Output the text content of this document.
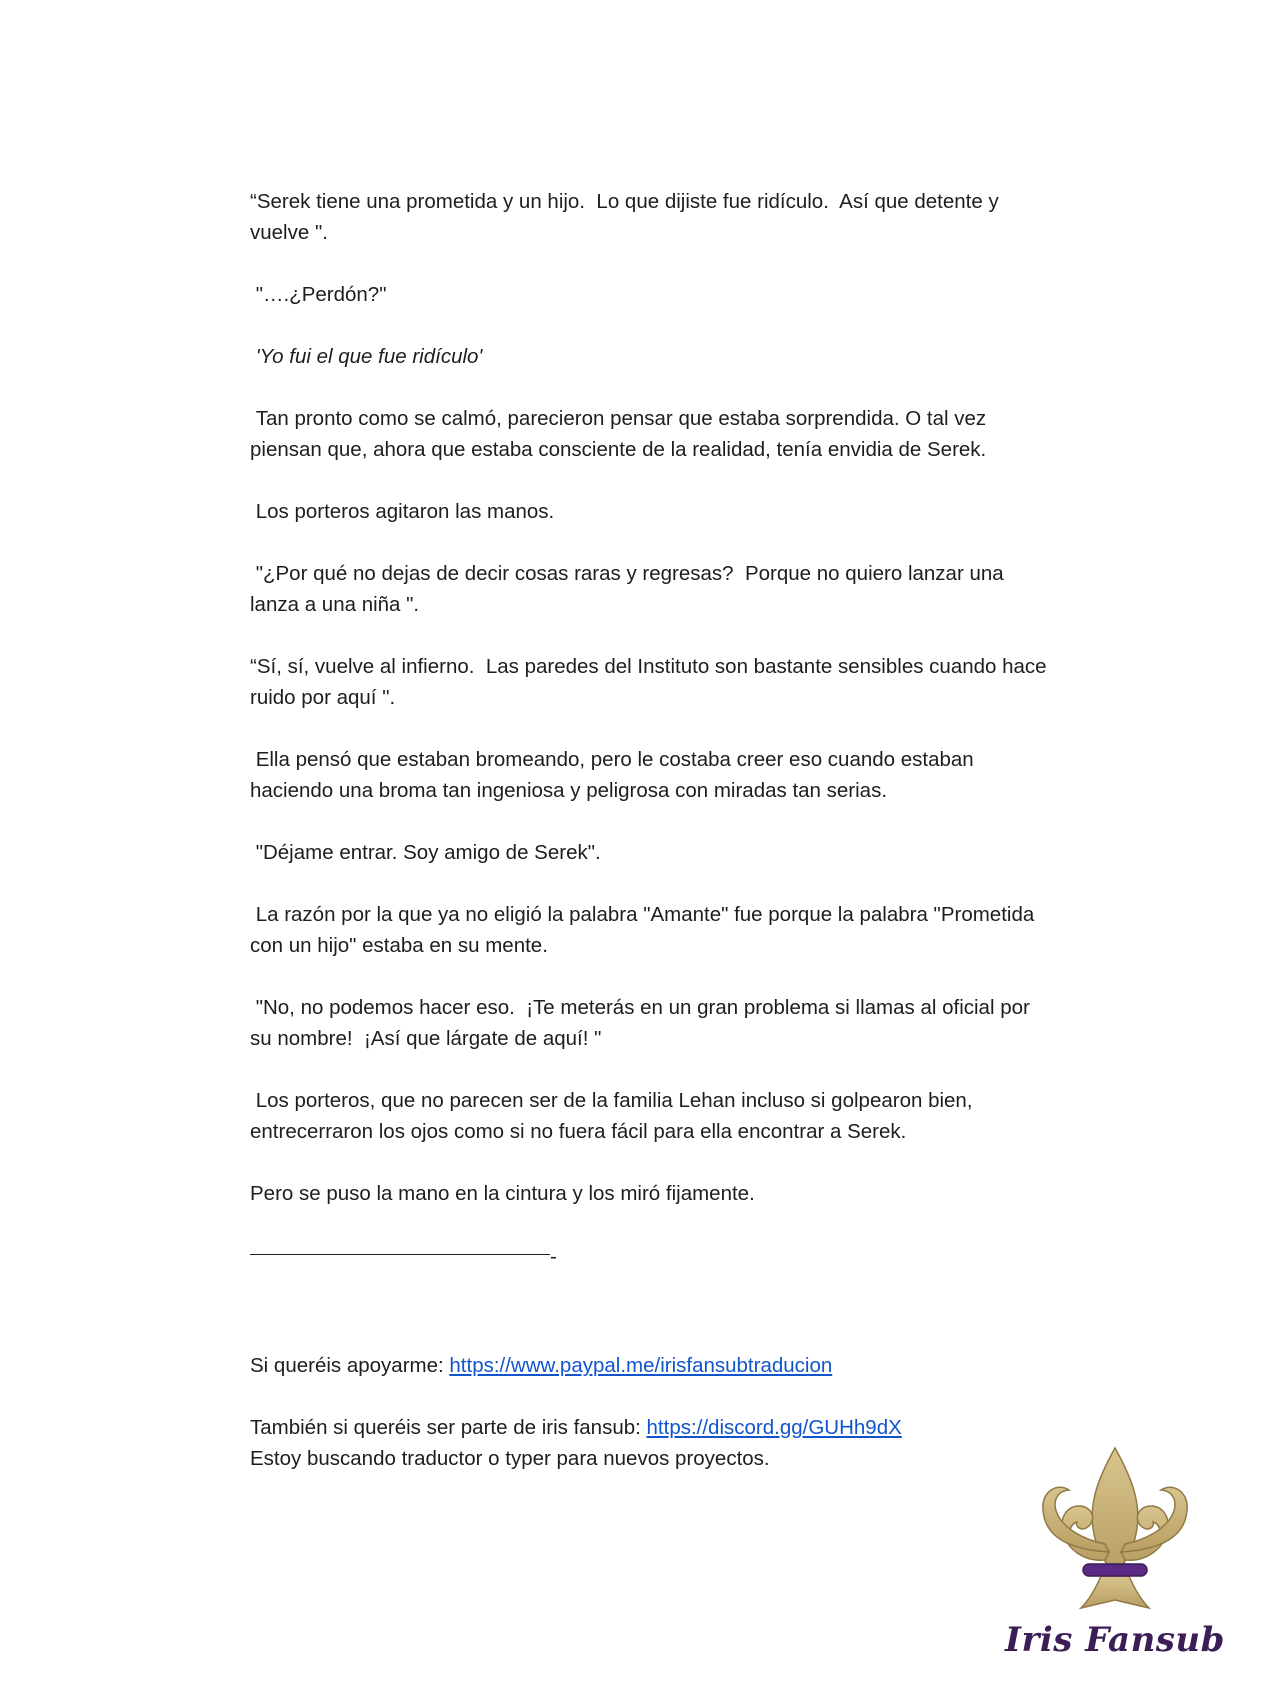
“Serek tiene una prometida y un hijo.  Lo que dijiste fue ridículo.  Así que detente y vuelve ".

"….¿Perdón?"

'Yo fui el que fue ridículo'

Tan pronto como se calmó, parecieron pensar que estaba sorprendida. O tal vez piensan que, ahora que estaba consciente de la realidad, tenía envidia de Serek.

Los porteros agitaron las manos.

"¿Por qué no dejas de decir cosas raras y regresas?  Porque no quiero lanzar una lanza a una niña ".

“Sí, sí, vuelve al infierno.  Las paredes del Instituto son bastante sensibles cuando hace ruido por aquí ".

Ella pensó que estaban bromeando, pero le costaba creer eso cuando estaban haciendo una broma tan ingeniosa y peligrosa con miradas tan serias.

"Déjame entrar. Soy amigo de Serek".

La razón por la que ya no eligió la palabra "Amante" fue porque la palabra "Prometida con un hijo" estaba en su mente.

"No, no podemos hacer eso.  ¡Te meterás en un gran problema si llamas al oficial por su nombre!  ¡Así que lárgate de aquí! "

Los porteros, que no parecen ser de la familia Lehan incluso si golpearon bien, entrecerraron los ojos como si no fuera fácil para ella encontrar a Serek.

Pero se puso la mano en la cintura y los miró fijamente.

-

Si queréis apoyarme: https://www.paypal.me/irisfansubtraducion

También si queréis ser parte de iris fansub: https://discord.gg/GUHh9dX

Estoy buscando traductor o typer para nuevos proyectos.

Iris Fansub
